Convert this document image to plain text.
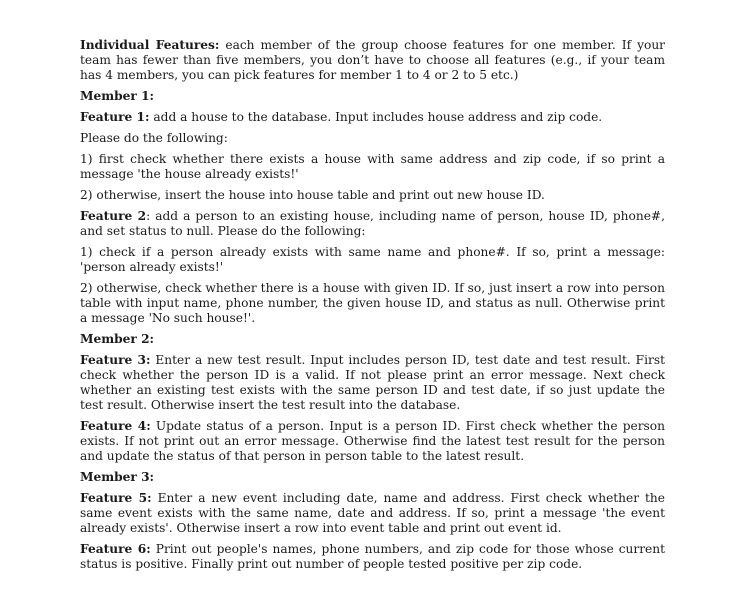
Individual Features: each member of the group choose features for one member. If your team has fewer than five members, you don’t have to choose all features (e.g., if your team has 4 members, you can pick features for member 1 to 4 or 2 to 5 etc.)

Member 1:

Feature 1: add a house to the database. Input includes house address and zip code.

Please do the following:

1) first check whether there exists a house with same address and zip code, if so print a message 'the house already exists!'

2) otherwise, insert the house into house table and print out new house ID.

Feature 2: add a person to an existing house, including name of person, house ID, phone#, and set status to null. Please do the following:

1) check if a person already exists with same name and phone#. If so, print a message: 'person already exists!'

2) otherwise, check whether there is a house with given ID. If so, just insert a row into person table with input name, phone number, the given house ID, and status as null. Otherwise print a message 'No such house!'.

Member 2:

Feature 3: Enter a new test result. Input includes person ID, test date and test result. First check whether the person ID is a valid. If not please print an error message. Next check whether an existing test exists with the same person ID and test date, if so just update the test result. Otherwise insert the test result into the database.

Feature 4: Update status of a person. Input is a person ID. First check whether the person exists. If not print out an error message. Otherwise find the latest test result for the person and update the status of that person in person table to the latest result.

Member 3:

Feature 5: Enter a new event including date, name and address. First check whether the same event exists with the same name, date and address. If so, print a message 'the event already exists'. Otherwise insert a row into event table and print out event id.

Feature 6: Print out people's names, phone numbers, and zip code for those whose current status is positive. Finally print out number of people tested positive per zip code.
